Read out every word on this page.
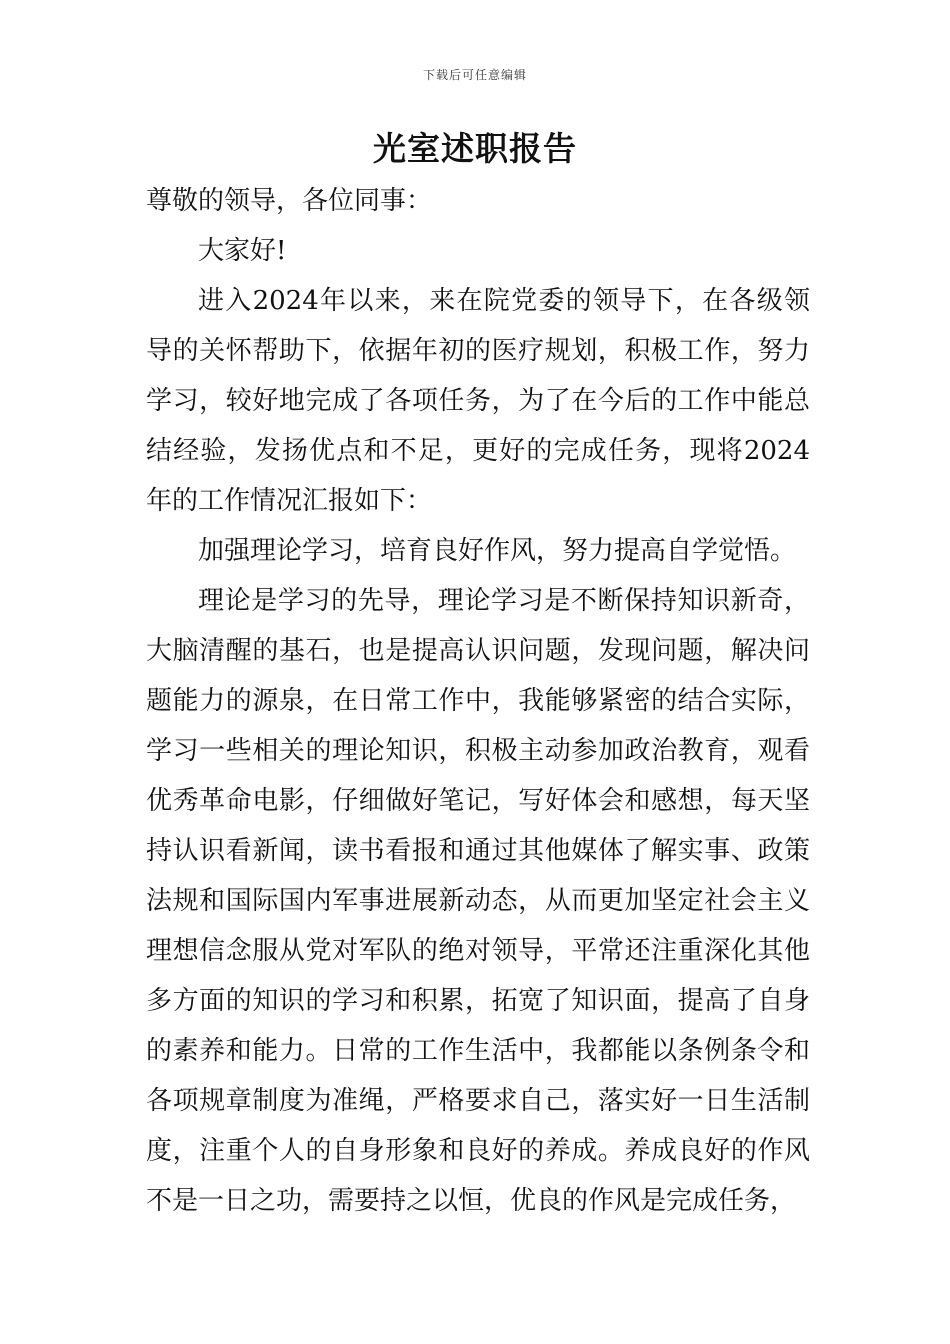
下载后可任意编辑
光室述职报告

尊敬的领导，各位同事：

大家好!

进入2024年以来，来在院党委的领导下，在各级领导的关怀帮助下，依据年初的医疗规划，积极工作，努力学习，较好地完成了各项任务，为了在今后的工作中能总结经验，发扬优点和不足，更好的完成任务，现将2024年的工作情况汇报如下：

加强理论学习，培育良好作风，努力提高自学觉悟。

理论是学习的先导，理论学习是不断保持知识新奇，大脑清醒的基石，也是提高认识问题，发现问题，解决问题能力的源泉，在日常工作中，我能够紧密的结合实际，学习一些相关的理论知识，积极主动参加政治教育，观看优秀革命电影，仔细做好笔记，写好体会和感想，每天坚持认识看新闻，读书看报和通过其他媒体了解实事、政策法规和国际国内军事进展新动态，从而更加坚定社会主义理想信念服从党对军队的绝对领导，平常还注重深化其他多方面的知识的学习和积累，拓宽了知识面，提高了自身的素养和能力。日常的工作生活中，我都能以条例条令和各项规章制度为准绳，严格要求自己，落实好一日生活制度，注重个人的自身形象和良好的养成。养成良好的作风不是一日之功，需要持之以恒，优良的作风是完成任务，
